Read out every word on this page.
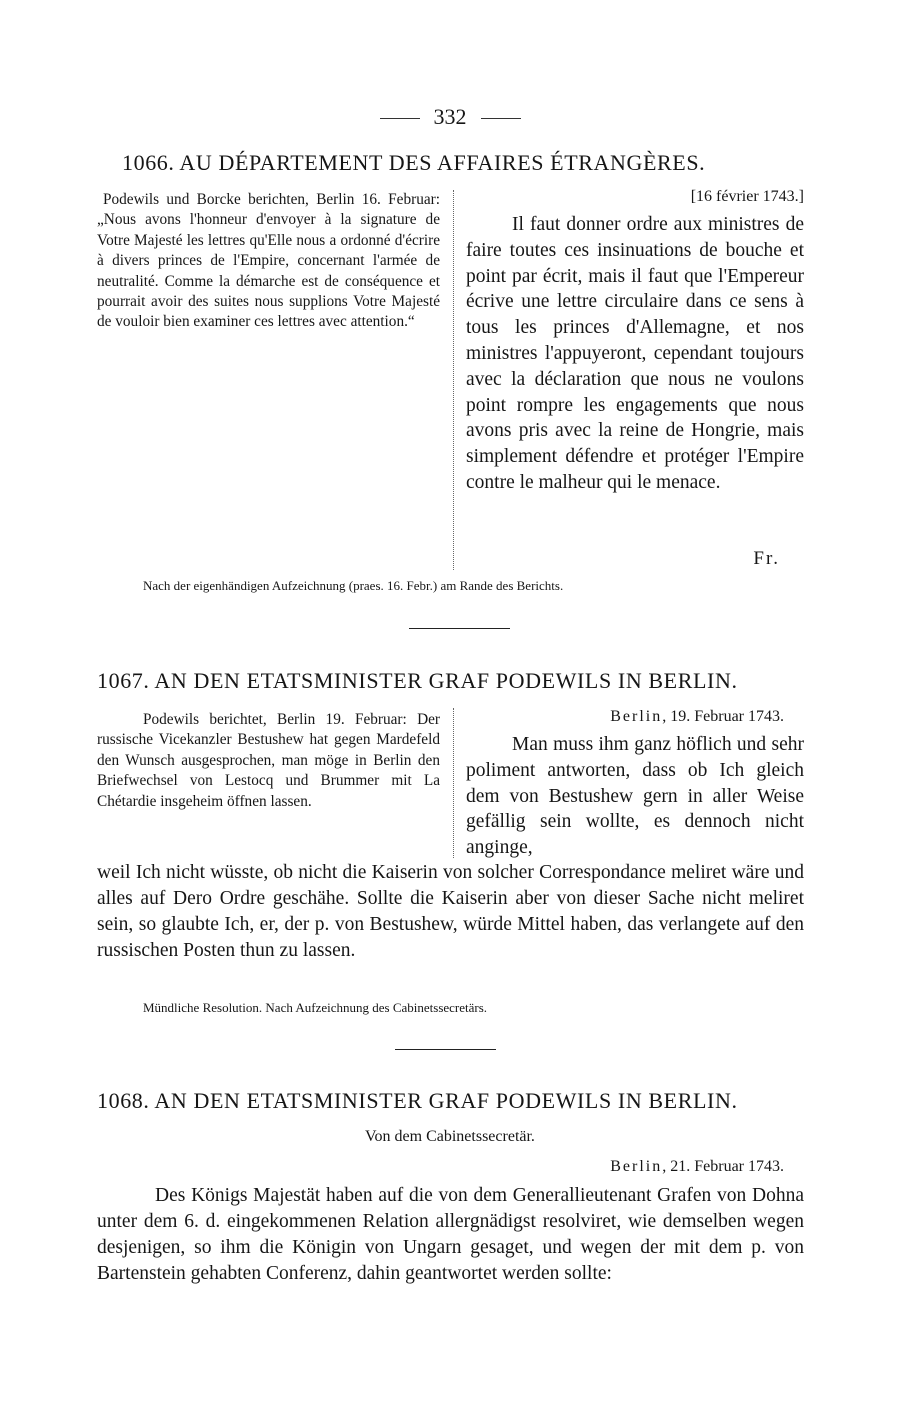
332
1066. AU DÉPARTEMENT DES AFFAIRES ÉTRANGÈRES.

Podewils und Borcke berichten, Berlin 16. Februar: „Nous avons l'honneur d'envoyer à la signature de Votre Majesté les lettres qu'Elle nous a ordonné d'écrire à divers princes de l'Empire, concernant l'armée de neutralité. Comme la démarche est de conséquence et pourrait avoir des suites nous supplions Votre Majesté de vouloir bien examiner ces lettres avec attention.“

[16 février 1743.]

Il faut donner ordre aux ministres de faire toutes ces insinuations de bouche et point par écrit, mais il faut que l'Empereur écrive une lettre circulaire dans ce sens à tous les princes d'Allemagne, et nos ministres l'appuyeront, cependant toujours avec la déclaration que nous ne voulons point rompre les engagements que nous avons pris avec la reine de Hongrie, mais simplement défendre et protéger l'Empire contre le malheur qui le menace.

Fr.
Nach der eigenhändigen Aufzeichnung (praes. 16. Febr.) am Rande des Berichts.
1067. AN DEN ETATSMINISTER GRAF PODEWILS IN BERLIN.

Podewils berichtet, Berlin 19. Februar: Der russische Vicekanzler Bestushew hat gegen Mardefeld den Wunsch ausgesprochen, man möge in Berlin den Briefwechsel von Lestocq und Brummer mit La Chétardie insgeheim öffnen lassen.

Berlin, 19. Februar 1743.

Man muss ihm ganz höflich und sehr poliment antworten, dass ob Ich gleich dem von Bestushew gern in aller Weise gefällig sein wollte, es dennoch nicht anginge,

weil Ich nicht wüsste, ob nicht die Kaiserin von solcher Correspondance meliret wäre und alles auf Dero Ordre geschähe. Sollte die Kaiserin aber von dieser Sache nicht meliret sein, so glaubte Ich, er, der p. von Bestushew, würde Mittel haben, das verlangete auf den russischen Posten thun zu lassen.

Mündliche Resolution. Nach Aufzeichnung des Cabinetssecretärs.
1068. AN DEN ETATSMINISTER GRAF PODEWILS IN BERLIN.
Von dem Cabinetssecretär.
Berlin, 21. Februar 1743.

Des Königs Majestät haben auf die von dem Generallieutenant Grafen von Dohna unter dem 6. d. eingekommenen Relation allergnädigst resolviret, wie demselben wegen desjenigen, so ihm die Königin von Ungarn gesaget, und wegen der mit dem p. von Bartenstein gehabten Conferenz, dahin geantwortet werden sollte:
